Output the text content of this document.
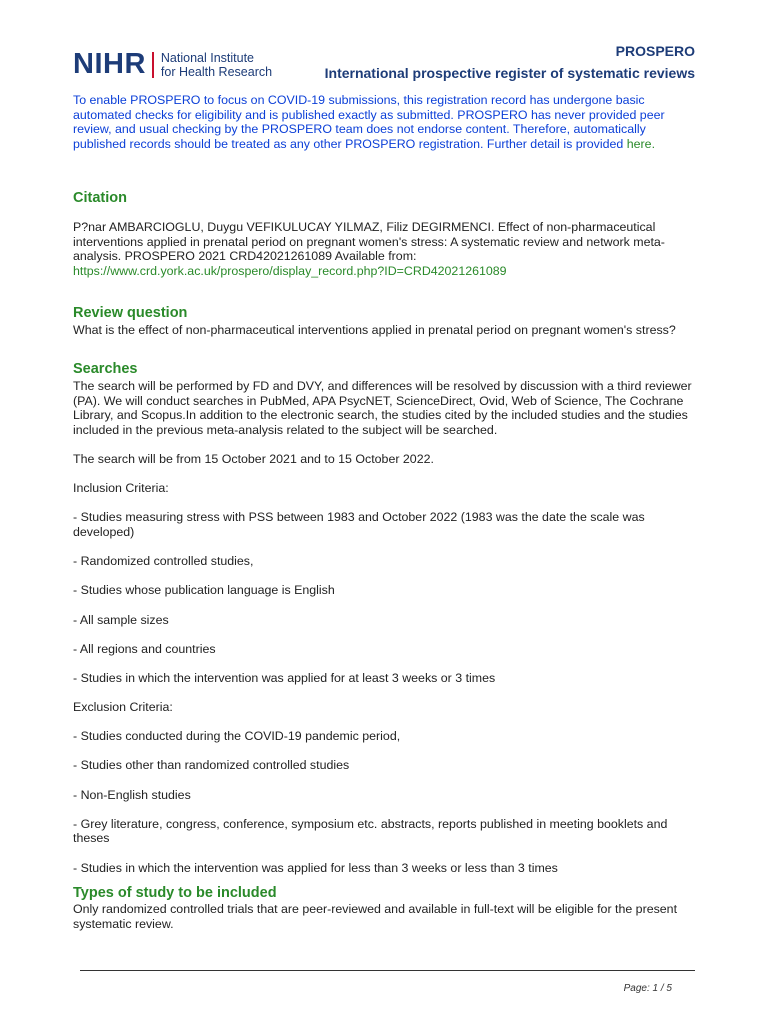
NIHR National Institute
for Health Research
PROSPERO
International prospective register of systematic reviews

To enable PROSPERO to focus on COVID-19 submissions, this registration record has undergone basic automated checks for eligibility and is published exactly as submitted. PROSPERO has never provided peer review, and usual checking by the PROSPERO team does not endorse content. Therefore, automatically published records should be treated as any other PROSPERO registration. Further detail is provided here.

Citation

P?nar AMBARCIOGLU, Duygu VEFIKULUCAY YILMAZ, Filiz DEGIRMENCI. Effect of non-pharmaceutical interventions applied in prenatal period on pregnant women's stress: A systematic review and network meta-analysis. PROSPERO 2021 CRD42021261089 Available from:

https://www.crd.york.ac.uk/prospero/display_record.php?ID=CRD42021261089
Review question

What is the effect of non-pharmaceutical interventions applied in prenatal period on pregnant women's stress?

Searches

The search will be performed by FD and DVY, and differences will be resolved by discussion with a third reviewer (PA). We will conduct searches in PubMed, APA PsycNET, ScienceDirect, Ovid, Web of Science, The Cochrane Library, and Scopus.In addition to the electronic search, the studies cited by the included studies and the studies included in the previous meta-analysis related to the subject will be searched.

The search will be from 15 October 2021 and to 15 October 2022.

Inclusion Criteria:

- Studies measuring stress with PSS between 1983 and October 2022 (1983 was the date the scale was developed)

- Randomized controlled studies,

- Studies whose publication language is English

- All sample sizes

- All regions and countries

- Studies in which the intervention was applied for at least 3 weeks or 3 times

Exclusion Criteria:

- Studies conducted during the COVID-19 pandemic period,

- Studies other than randomized controlled studies

- Non-English studies

- Grey literature, congress, conference, symposium etc. abstracts, reports published in meeting booklets and theses

- Studies in which the intervention was applied for less than 3 weeks or less than 3 times

Types of study to be included

Only randomized controlled trials that are peer-reviewed and available in full-text will be eligible for the present systematic review.

Page: 1 / 5
